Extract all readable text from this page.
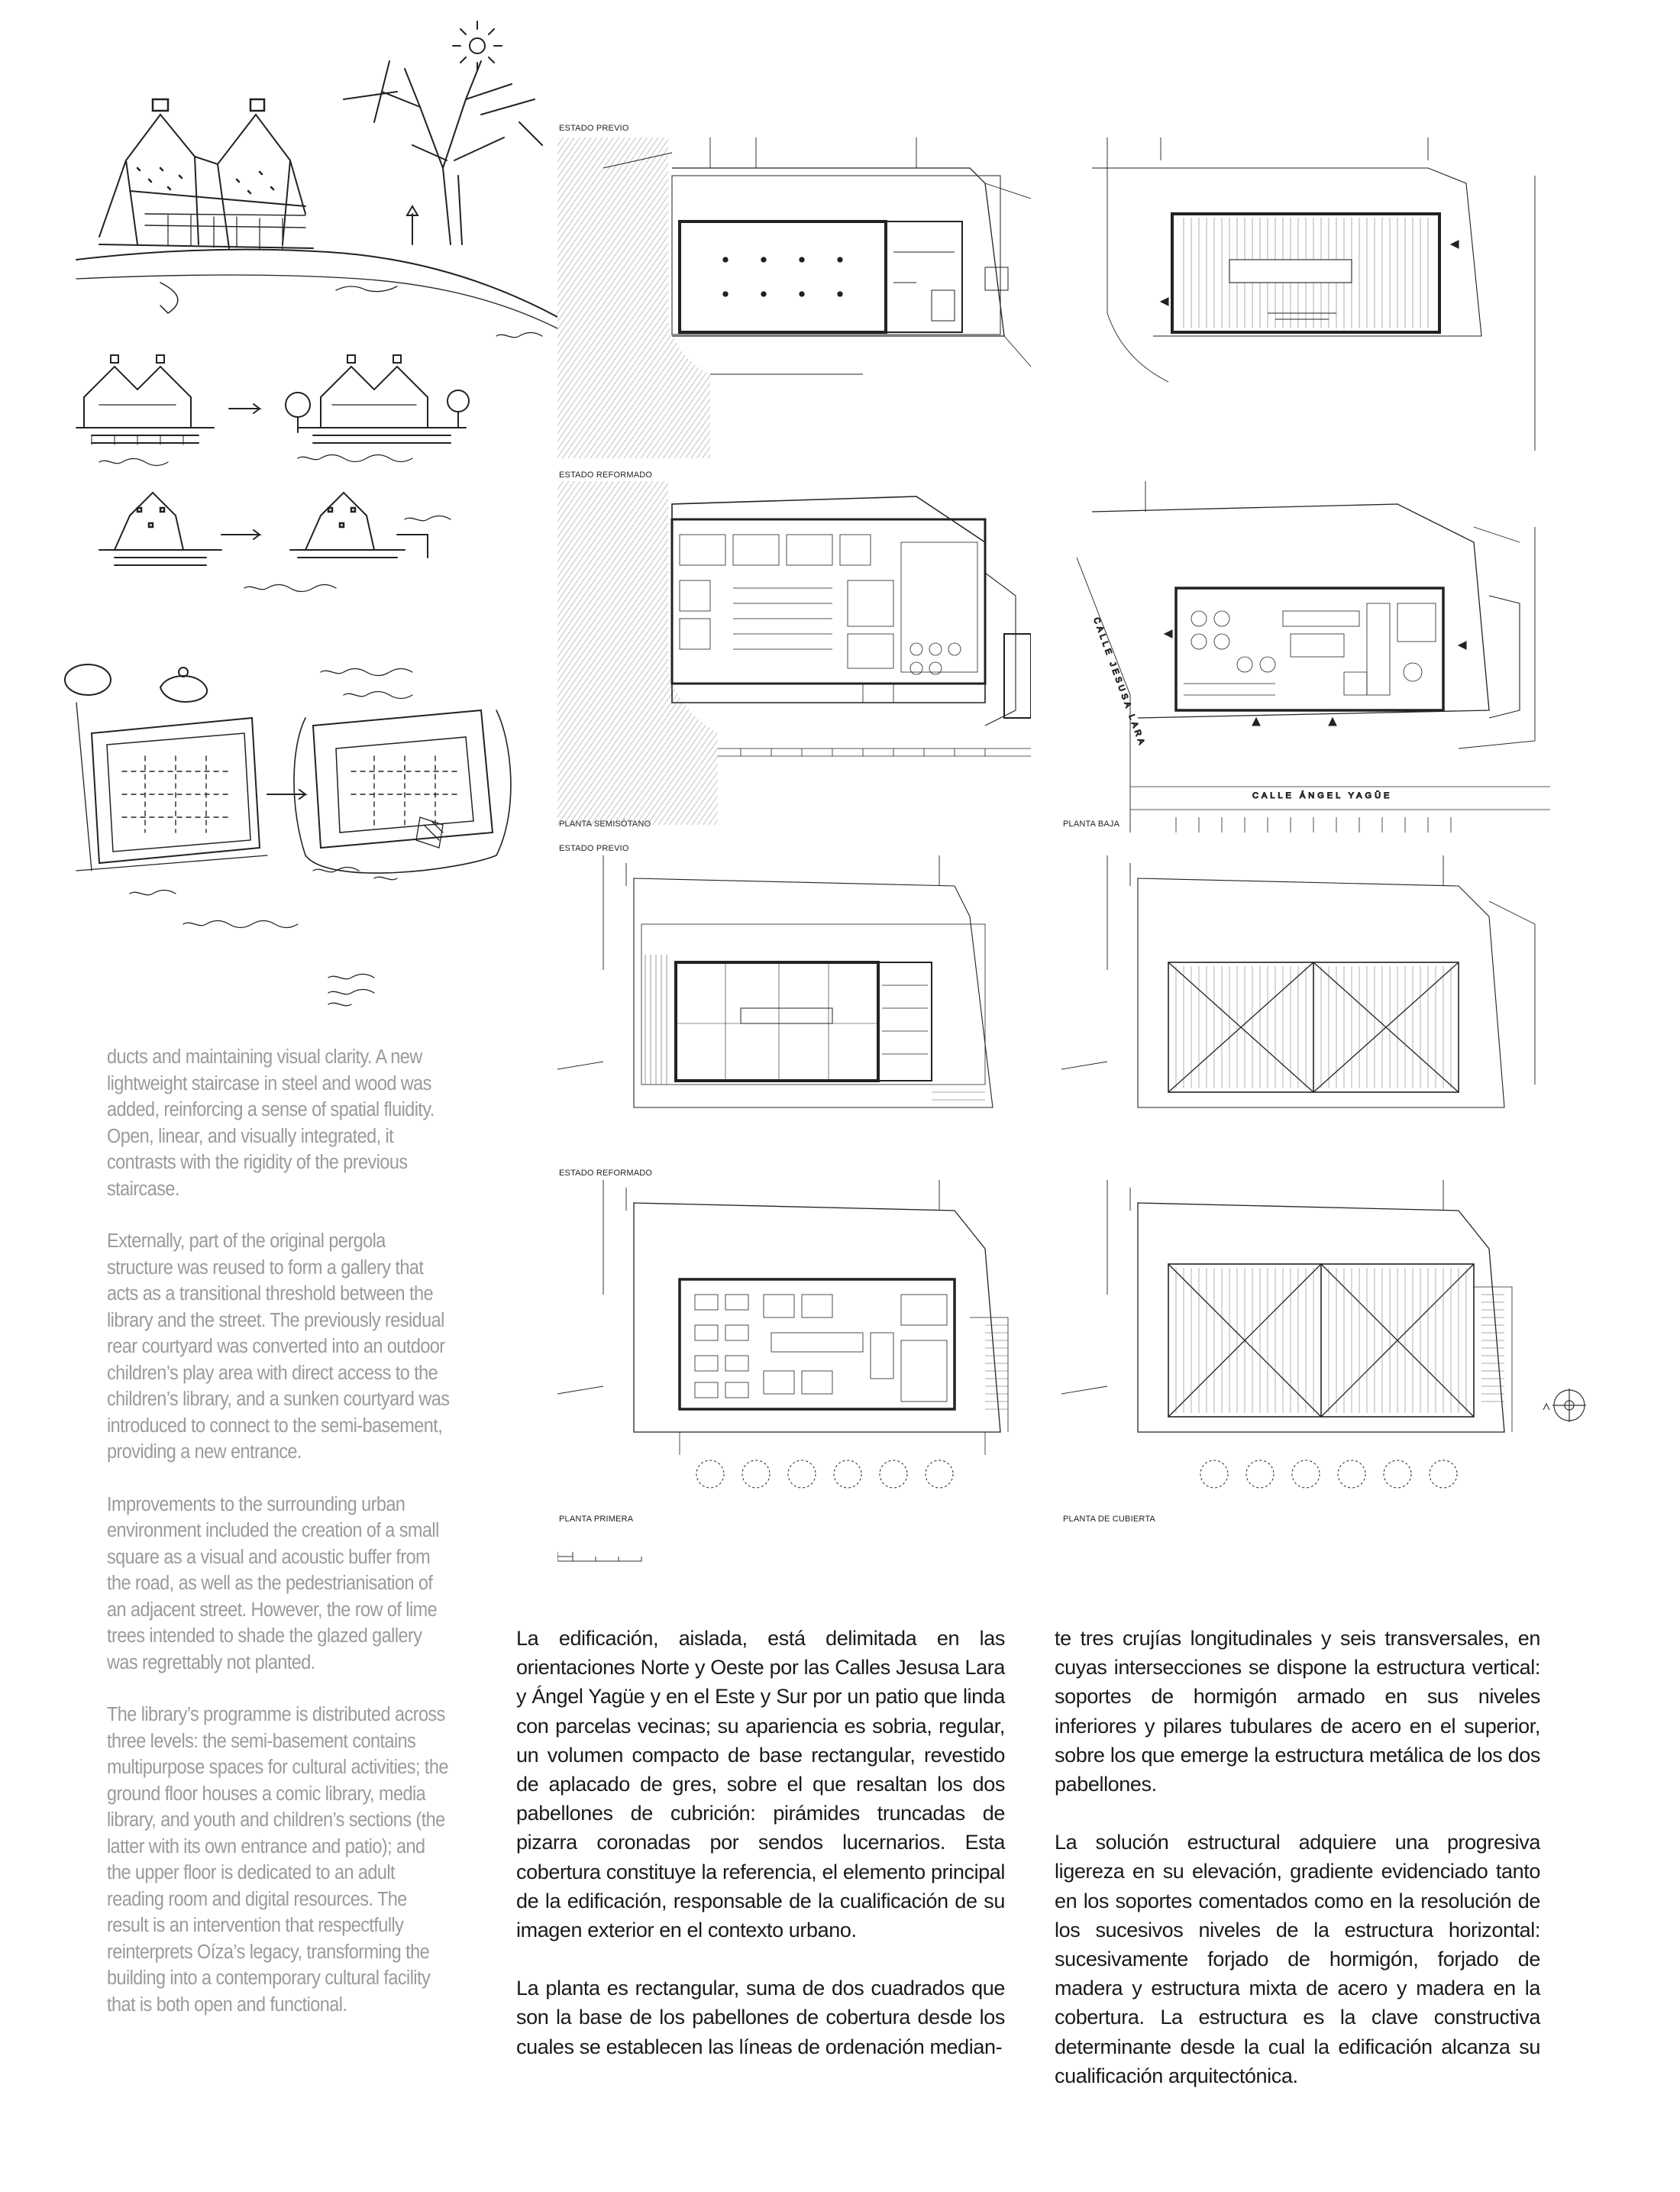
ducts and maintaining visual clarity. A new lightweight staircase in steel and wood was added, reinforcing a sense of spatial fluidity. Open, linear, and visually integrated, it contrasts with the rigidity of the previous staircase.

Externally, part of the original pergola structure was reused to form a gallery that acts as a transitional threshold between the library and the street. The previously residual rear courtyard was converted into an outdoor children’s play area with direct access to the children’s library, and a sunken courtyard was introduced to connect to the semi-basement, providing a new entrance.

Improvements to the surrounding urban environment included the creation of a small square as a visual and acoustic buffer from the road, as well as the pedestrianisation of an adjacent street. However, the row of lime trees intended to shade the glazed gallery was regrettably not planted.

The library’s programme is distributed across three levels: the semi-basement contains multipurpose spaces for cultural activities; the ground floor houses a comic library, media library, and youth and children’s sections (the latter with its own entrance and patio); and the upper floor is dedicated to an adult reading room and digital resources. The result is an intervention that respectfully reinterprets Oíza’s legacy, transforming the building into a contemporary cultural facility that is both open and functional.

ESTADO PREVIO
ESTADO REFORMADO
PLANTA BAJA
ESTADO PREVIO
ESTADO REFORMADO
PLANTA PRIMERA	PLANTA DE CUBIERTA
CALLE JESUSA LARA
CALLE ÁNGEL YAGÜE

La edificación, aislada, está delimitada en las orientaciones Norte y Oeste por las Calles Jesusa Lara y Ángel Yagüe y en el Este y Sur por un patio que linda con parcelas vecinas; su apariencia es sobria, regular, un volumen compacto de base rectangular, revestido de aplacado de gres, sobre el que resaltan los dos pabellones de cubrición: pirámides truncadas de pizarra coronadas por sendos lucernarios. Esta cobertura constituye la referencia, el elemento principal de la edificación, responsable de la cualificación de su imagen exterior en el contexto urbano.

La planta es rectangular, suma de dos cuadrados que son la base de los pabellones de cobertura desde los cuales se establecen las líneas de ordenación median-

te tres crujías longitudinales y seis transversales, en cuyas intersecciones se dispone la estructura vertical: soportes de hormigón armado en sus niveles inferiores y pilares tubulares de acero en el superior, sobre los que emerge la estructura metálica de los dos pabellones.

La solución estructural adquiere una progresiva ligereza en su elevación, gradiente evidenciado tanto en los soportes comentados como en la resolución de los sucesivos niveles de la estructura horizontal: sucesivamente forjado de hormigón, forjado de madera y estructura mixta de acero y madera en la cobertura. La estructura es la clave constructiva determinante desde la cual la edificación alcanza su cualificación arquitectónica.
